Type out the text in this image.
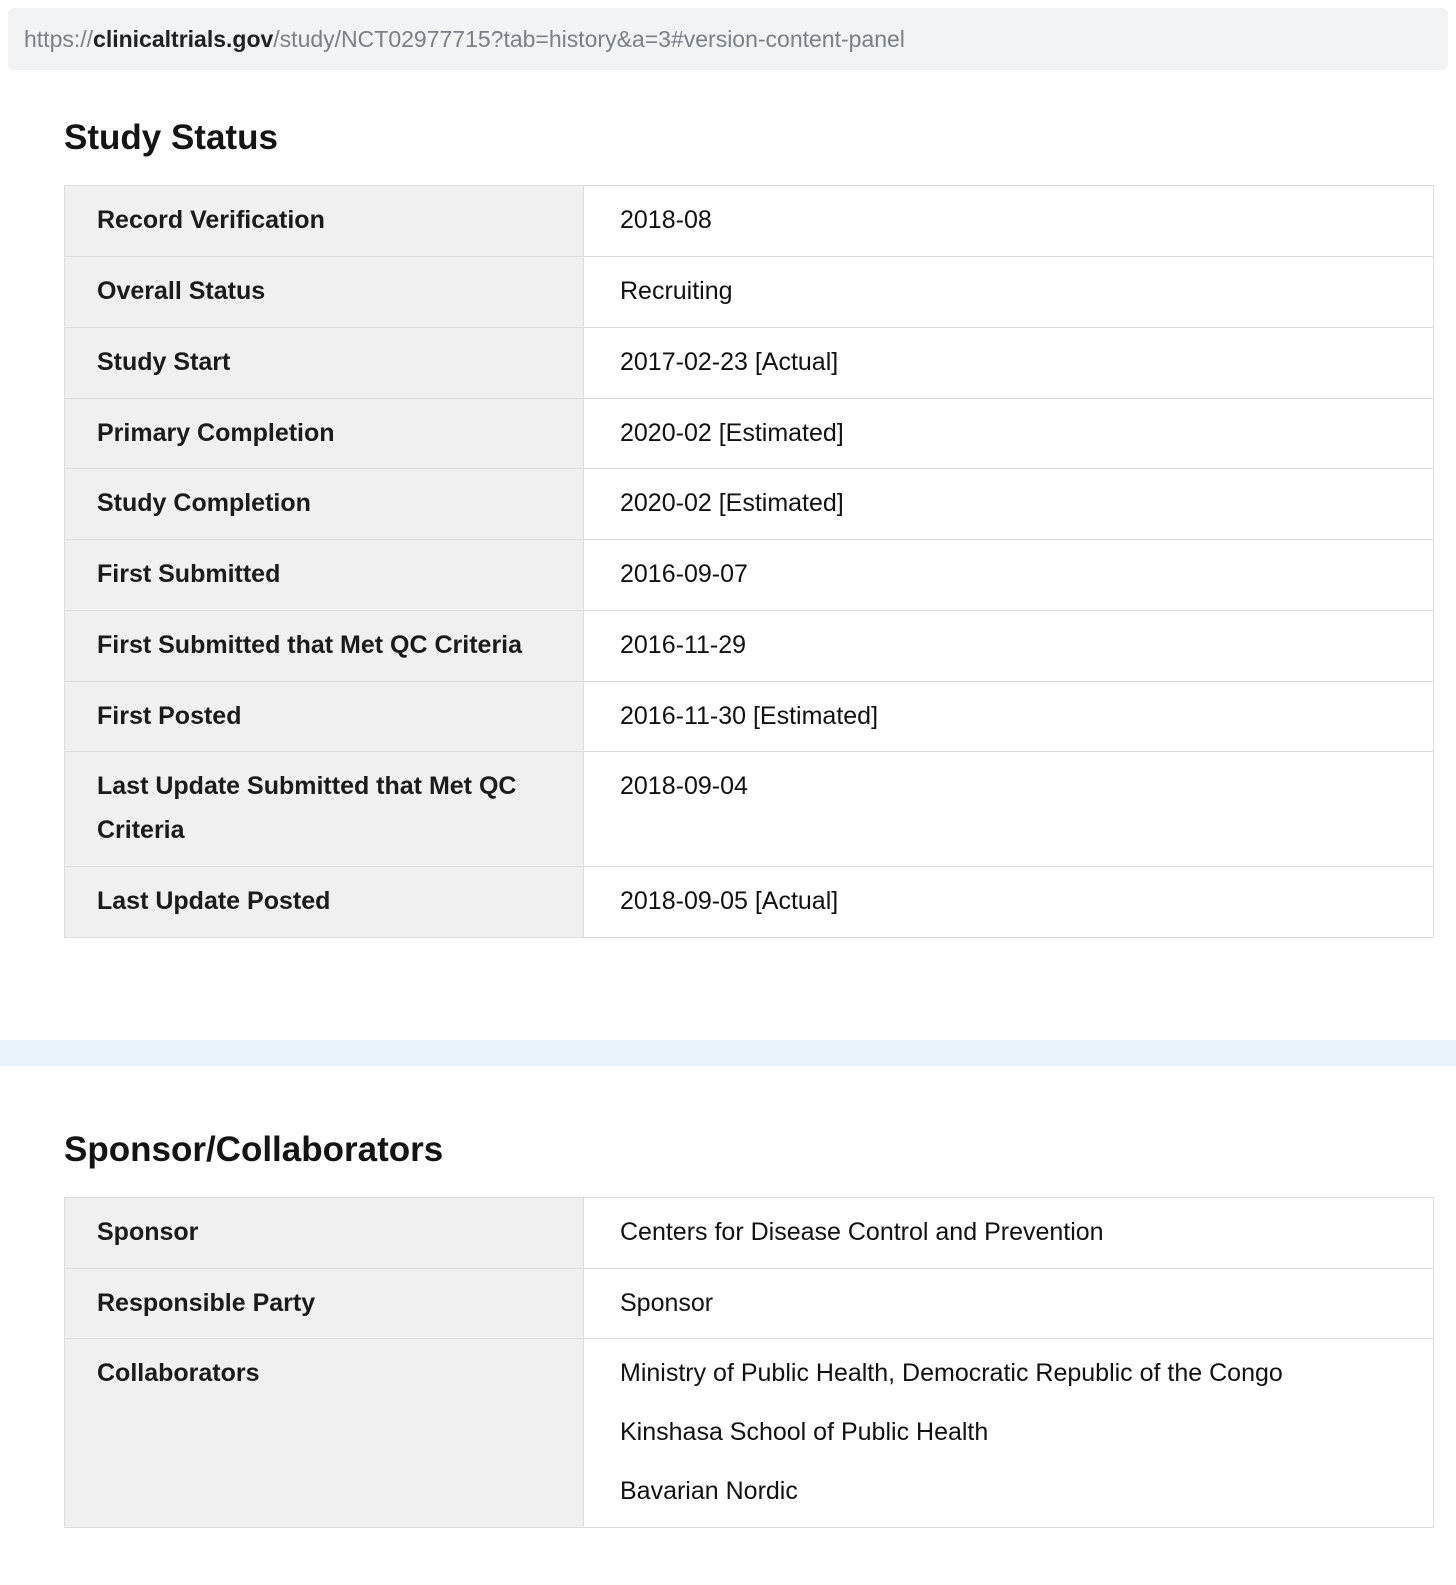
https:// clinicaltrials.gov /study/NCT02977715?tab=history&a=3#version-content-panel
Study Status
Record Verification	2018-08
Overall Status	Recruiting
Study Start	2017-02-23 [Actual]
Primary Completion	2020-02 [Estimated]
Study Completion	2020-02 [Estimated]
First Submitted	2016-09-07
First Submitted that Met QC Criteria	2016-11-29
First Posted	2016-11-30 [Estimated]
Last Update Submitted that Met QC Criteria	2018-09-04
Last Update Posted	2018-09-05 [Actual]
Sponsor/Collaborators
Sponsor	Centers for Disease Control and Prevention
Responsible Party	Sponsor
Collaborators	Ministry of Public Health, Democratic Republic of the Congo
Kinshasa School of Public Health
Bavarian Nordic
